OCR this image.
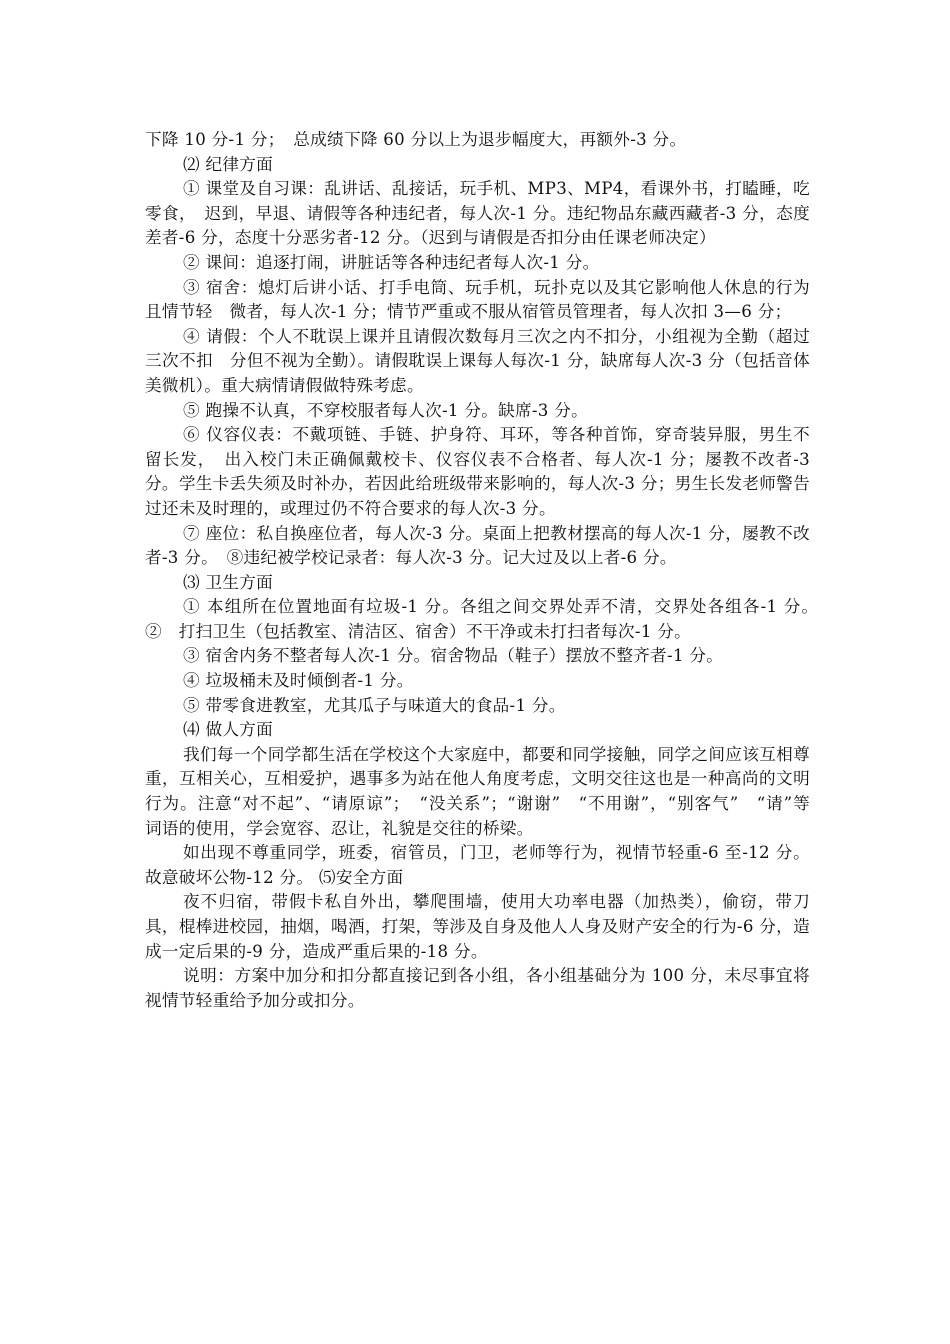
下降 10 分-1 分；　总成绩下降 60 分以上为退步幅度大，再额外-3 分。

⑵ 纪律方面

① 课堂及自习课：乱讲话、乱接话，玩手机、MP3、MP4，看课外书，打瞌睡，吃零食，　迟到，早退、请假等各种违纪者，每人次-1 分。违纪物品东藏西藏者-3 分，态度差者-6 分，态度十分恶劣者-12 分。（迟到与请假是否扣分由任课老师决定）

② 课间：追逐打闹，讲脏话等各种违纪者每人次-1 分。

③ 宿舍：熄灯后讲小话、打手电筒、玩手机，玩扑克以及其它影响他人休息的行为且情节轻　微者，每人次-1 分；情节严重或不服从宿管员管理者，每人次扣 3—6 分；

④ 请假：个人不耽误上课并且请假次数每月三次之内不扣分，小组视为全勤（超过三次不扣　分但不视为全勤）。请假耽误上课每人每次-1 分，缺席每人次-3 分（包括音体美微机）。重大病情请假做特殊考虑。

⑤ 跑操不认真，不穿校服者每人次-1 分。缺席-3 分。

⑥ 仪容仪表：不戴项链、手链、护身符、耳环，等各种首饰，穿奇装异服，男生不留长发，　出入校门未正确佩戴校卡、仪容仪表不合格者、每人次-1 分；屡教不改者-3 分。学生卡丢失须及时补办，若因此给班级带来影响的，每人次-3 分；男生长发老师警告过还未及时理的，或理过仍不符合要求的每人次-3 分。

⑦ 座位：私自换座位者，每人次-3 分。桌面上把教材摆高的每人次-1 分，屡教不改者-3 分。　⑧违纪被学校记录者：每人次-3 分。记大过及以上者-6 分。

⑶ 卫生方面

① 本组所在位置地面有垃圾-1 分。各组之间交界处弄不清，交界处各组各-1 分。　②　打扫卫生（包括教室、清洁区、宿舍）不干净或未打扫者每次-1 分。

③ 宿舍内务不整者每人次-1 分。宿舍物品（鞋子）摆放不整齐者-1 分。

④ 垃圾桶未及时倾倒者-1 分。

⑤ 带零食进教室，尤其瓜子与味道大的食品-1 分。

⑷ 做人方面

我们每一个同学都生活在学校这个大家庭中，都要和同学接触，同学之间应该互相尊重，互相关心，互相爱护，遇事多为站在他人角度考虑，文明交往这也是一种高尚的文明行为。注意“对不起”、“请原谅”；　“没关系”；“谢谢”　“不用谢”，“别客气”　“请”等　词语的使用，学会宽容、忍让，礼貌是交往的桥梁。

如出现不尊重同学，班委，宿管员，门卫，老师等行为，视情节轻重-6 至-12 分。故意破坏公物-12 分。 ⑸安全方面

夜不归宿，带假卡私自外出，攀爬围墙，使用大功率电器（加热类），偷窃，带刀具，棍棒进校园，抽烟，喝酒，打架，等涉及自身及他人人身及财产安全的行为-6 分，造成一定后果的-9 分，造成严重后果的-18 分。

说明：方案中加分和扣分都直接记到各小组，各小组基础分为 100 分，未尽事宜将视情节轻重给予加分或扣分。
